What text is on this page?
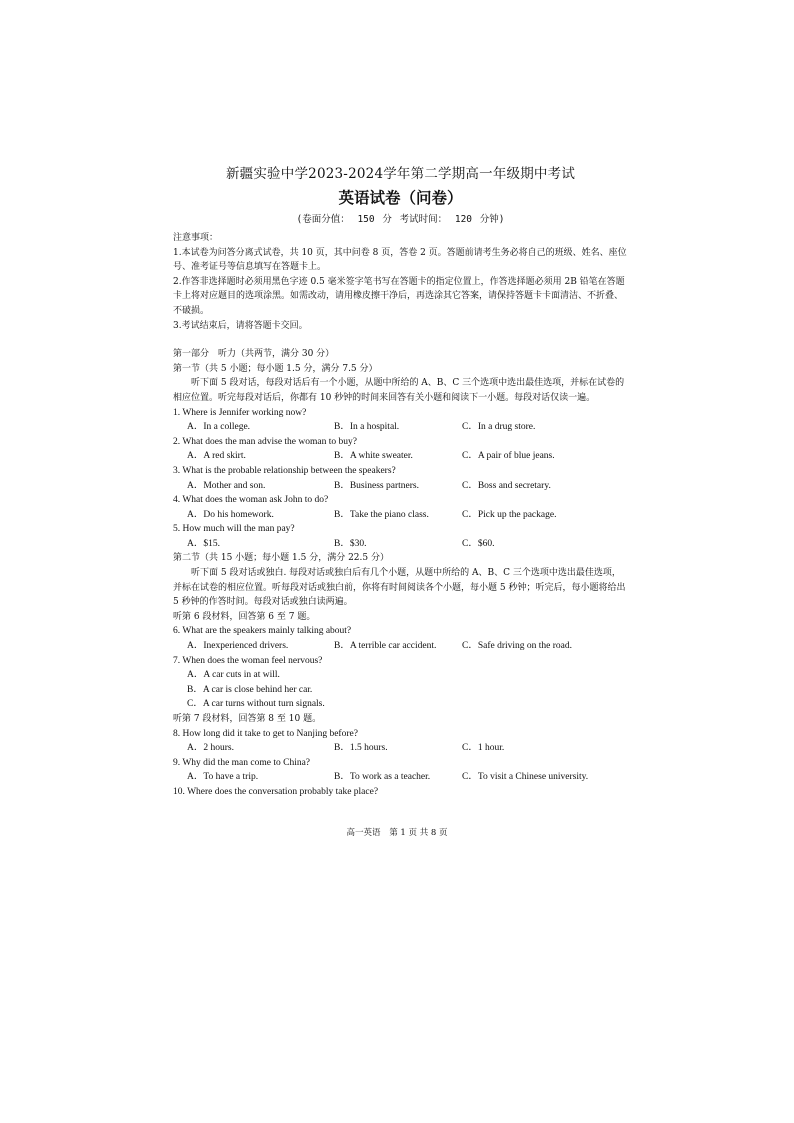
新疆实验中学2023-2024学年第二学期高一年级期中考试
英语试卷（问卷）
(卷面分值： 150 分 考试时间： 120 分钟)
注意事项：
1.本试卷为问答分离式试卷，共 10 页，其中问卷 8 页，答卷 2 页。答题前请考生务必将自己的班级、姓名、座位号、准考证号等信息填写在答题卡上。
2.作答非选择题时必须用黑色字迹 0.5 毫米签字笔书写在答题卡的指定位置上，作答选择题必须用 2B 铅笔在答题卡上将对应题目的选项涂黑。如需改动，请用橡皮擦干净后，再选涂其它答案，请保持答题卡卡面清洁、不折叠、不破损。
3.考试结束后，请将答题卡交回。
第一部分　听力（共两节，满分 30 分）
第一节（共 5 小题；每小题 1.5 分，满分 7.5 分）
听下面 5 段对话，每段对话后有一个小题，从题中所给的 A、B、C 三个选项中选出最佳选项，并标在试卷的相应位置。听完每段对话后，你都有 10 秒钟的时间来回答有关小题和阅读下一小题。每段对话仅读一遍。
1. Where is Jennifer working now?
A．In a college.	B．In a hospital.	C．In a drug store.
2. What does the man advise the woman to buy?
A．A red skirt.	B．A white sweater.	C．A pair of blue jeans.
3. What is the probable relationship between the speakers?
A．Mother and son.	B．Business partners.	C．Boss and secretary.
4. What does the woman ask John to do?
A．Do his homework.	B．Take the piano class.	C．Pick up the package.
5. How much will the man pay?
A．$15.	B．$30.	C．$60.
第二节（共 15 小题；每小题 1.5 分，满分 22.5 分）
听下面 5 段对话或独白. 每段对话或独白后有几个小题，从题中所给的 A、B、C 三个选项中选出最佳选项，并标在试卷的相应位置。听每段对话或独白前，你将有时间阅读各个小题，每小题 5 秒钟；听完后，每小题将给出 5 秒钟的作答时间。每段对话或独白读两遍。
听第 6 段材料，回答第 6 至 7 题。
6. What are the speakers mainly talking about?
A．Inexperienced drivers.	B．A terrible car accident.	C．Safe driving on the road.
7. When does the woman feel nervous?
A．A car cuts in at will.
B．A car is close behind her car.
C．A car turns without turn signals.
听第 7 段材料，回答第 8 至 10 题。
8. How long did it take to get to Nanjing before?
A．2 hours.	B．1.5 hours.	C．1 hour.
9. Why did the man come to China?
A．To have a trip.	B．To work as a teacher.	C．To visit a Chinese university.
10. Where does the conversation probably take place?
高一英语 第 1 页 共 8 页
